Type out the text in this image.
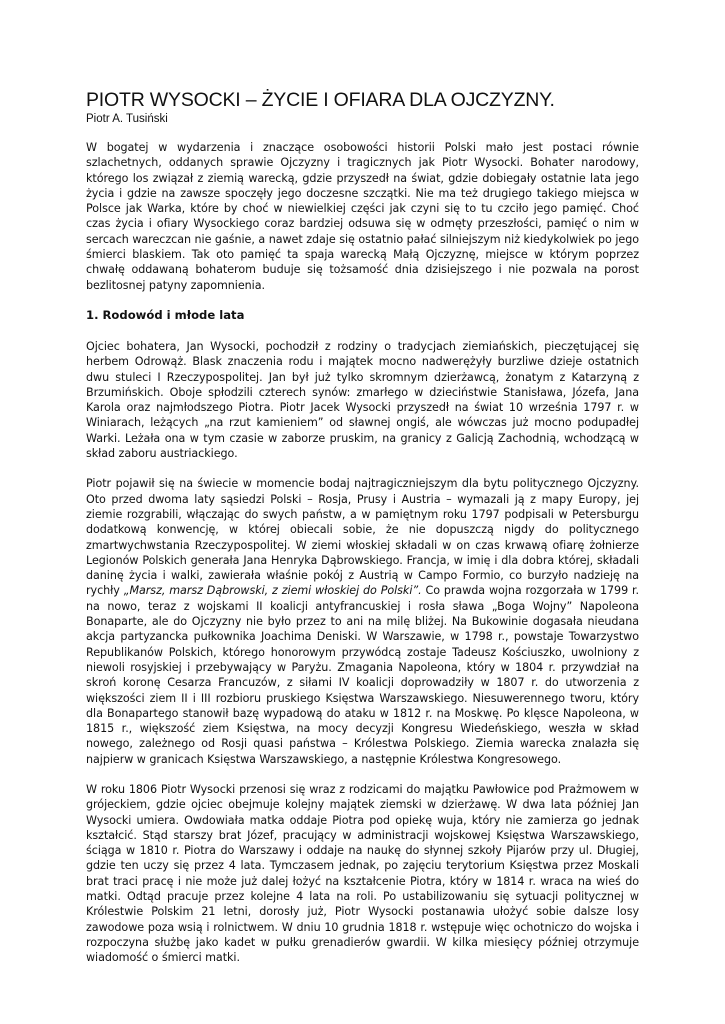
PIOTR WYSOCKI – ŻYCIE I OFIARA DLA OJCZYZNY.
Piotr A. Tusiński

W bogatej w wydarzenia i znaczące osobowości historii Polski mało jest postaci równie szlachetnych, oddanych sprawie Ojczyzny i tragicznych jak Piotr Wysocki. Bohater narodowy, którego los związał z ziemią warecką, gdzie przyszedł na świat, gdzie dobiegały ostatnie lata jego życia i gdzie na zawsze spoczęły jego doczesne szczątki. Nie ma też drugiego takiego miejsca w Polsce jak Warka, które by choć w niewielkiej części jak czyni się to tu czciło jego pamięć. Choć czas życia i ofiary Wysockiego coraz bardziej odsuwa się w odmęty przeszłości, pamięć o nim w sercach wareczcan nie gaśnie, a nawet zdaje się ostatnio pałać silniejszym niż kiedykolwiek po jego śmierci blaskiem. Tak oto pamięć ta spaja warecką Małą Ojczyznę, miejsce w którym poprzez chwałę oddawaną bohaterom buduje się tożsamość dnia dzisiejszego i nie pozwala na porost bezlitosnej patyny zapomnienia.

1. Rodowód i młode lata

Ojciec bohatera, Jan Wysocki, pochodził z rodziny o tradycjach ziemiańskich, pieczętującej się herbem Odrowąż. Blask znaczenia rodu i majątek mocno nadwerężyły burzliwe dzieje ostatnich dwu stuleci I Rzeczypospolitej. Jan był już tylko skromnym dzierżawcą, żonatym z Katarzyną z Brzumińskich. Oboje spłodzili czterech synów: zmarłego w dzieciństwie Stanisława, Józefa, Jana Karola oraz najmłodszego Piotra. Piotr Jacek Wysocki przyszedł na świat 10 września 1797 r. w Winiarach, leżących „na rzut kamieniem” od sławnej ongiś, ale wówczas już mocno podupadłej Warki. Leżała ona w tym czasie w zaborze pruskim, na granicy z Galicją Zachodnią, wchodzącą w skład zaboru austriackiego.

Piotr pojawił się na świecie w momencie bodaj najtragiczniejszym dla bytu politycznego Ojczyzny. Oto przed dwoma laty sąsiedzi Polski – Rosja, Prusy i Austria – wymazali ją z mapy Europy, jej ziemie rozgrabili, włączając do swych państw, a w pamiętnym roku 1797 podpisali w Petersburgu dodatkową konwencję, w której obiecali sobie, że nie dopuszczą nigdy do politycznego zmartwychwstania Rzeczypospolitej. W ziemi włoskiej składali w on czas krwawą ofiarę żołnierze Legionów Polskich generała Jana Henryka Dąbrowskiego. Francja, w imię i dla dobra której, składali daninę życia i walki, zawierała właśnie pokój z Austrią w Campo Formio, co burzyło nadzieję na rychły „Marsz, marsz Dąbrowski, z ziemi włoskiej do Polski”. Co prawda wojna rozgorzała w 1799 r. na nowo, teraz z wojskami II koalicji antyfrancuskiej i rosła sława „Boga Wojny” Napoleona Bonaparte, ale do Ojczyzny nie było przez to ani na milę bliżej. Na Bukowinie dogasała nieudana akcja partyzancka pułkownika Joachima Deniski. W Warszawie, w 1798 r., powstaje Towarzystwo Republikanów Polskich, którego honorowym przywódcą zostaje Tadeusz Kościuszko, uwolniony z niewoli rosyjskiej i przebywający w Paryżu. Zmagania Napoleona, który w 1804 r. przywdział na skroń koronę Cesarza Francuzów, z siłami IV koalicji doprowadziły w 1807 r. do utworzenia z większości ziem II i III rozbioru pruskiego Księstwa Warszawskiego. Niesuwerennego tworu, który dla Bonapartego stanowił bazę wypadową do ataku w 1812 r. na Moskwę. Po klęsce Napoleona, w 1815 r., większość ziem Księstwa, na mocy decyzji Kongresu Wiedeńskiego, weszła w skład nowego, zależnego od Rosji quasi państwa – Królestwa Polskiego. Ziemia warecka znalazła się najpierw w granicach Księstwa Warszawskiego, a następnie Królestwa Kongresowego.

W roku 1806 Piotr Wysocki przenosi się wraz z rodzicami do majątku Pawłowice pod Prażmowem w grójeckiem, gdzie ojciec obejmuje kolejny majątek ziemski w dzierżawę. W dwa lata później Jan Wysocki umiera. Owdowiała matka oddaje Piotra pod opiekę wuja, który nie zamierza go jednak kształcić. Stąd starszy brat Józef, pracujący w administracji wojskowej Księstwa Warszawskiego, ściąga w 1810 r. Piotra do Warszawy i oddaje na naukę do słynnej szkoły Pijarów przy ul. Długiej, gdzie ten uczy się przez 4 lata. Tymczasem jednak, po zajęciu terytorium Księstwa przez Moskali brat traci pracę i nie może już dalej łożyć na kształcenie Piotra, który w 1814 r. wraca na wieś do matki. Odtąd pracuje przez kolejne 4 lata na roli. Po ustabilizowaniu się sytuacji politycznej w Królestwie Polskim 21 letni, dorosły już, Piotr Wysocki postanawia ułożyć sobie dalsze losy zawodowe poza wsią i rolnictwem. W dniu 10 grudnia 1818 r. wstępuje więc ochotniczo do wojska i rozpoczyna służbę jako kadet w pułku grenadierów gwardii. W kilka miesięcy później otrzymuje wiadomość o śmierci matki.
